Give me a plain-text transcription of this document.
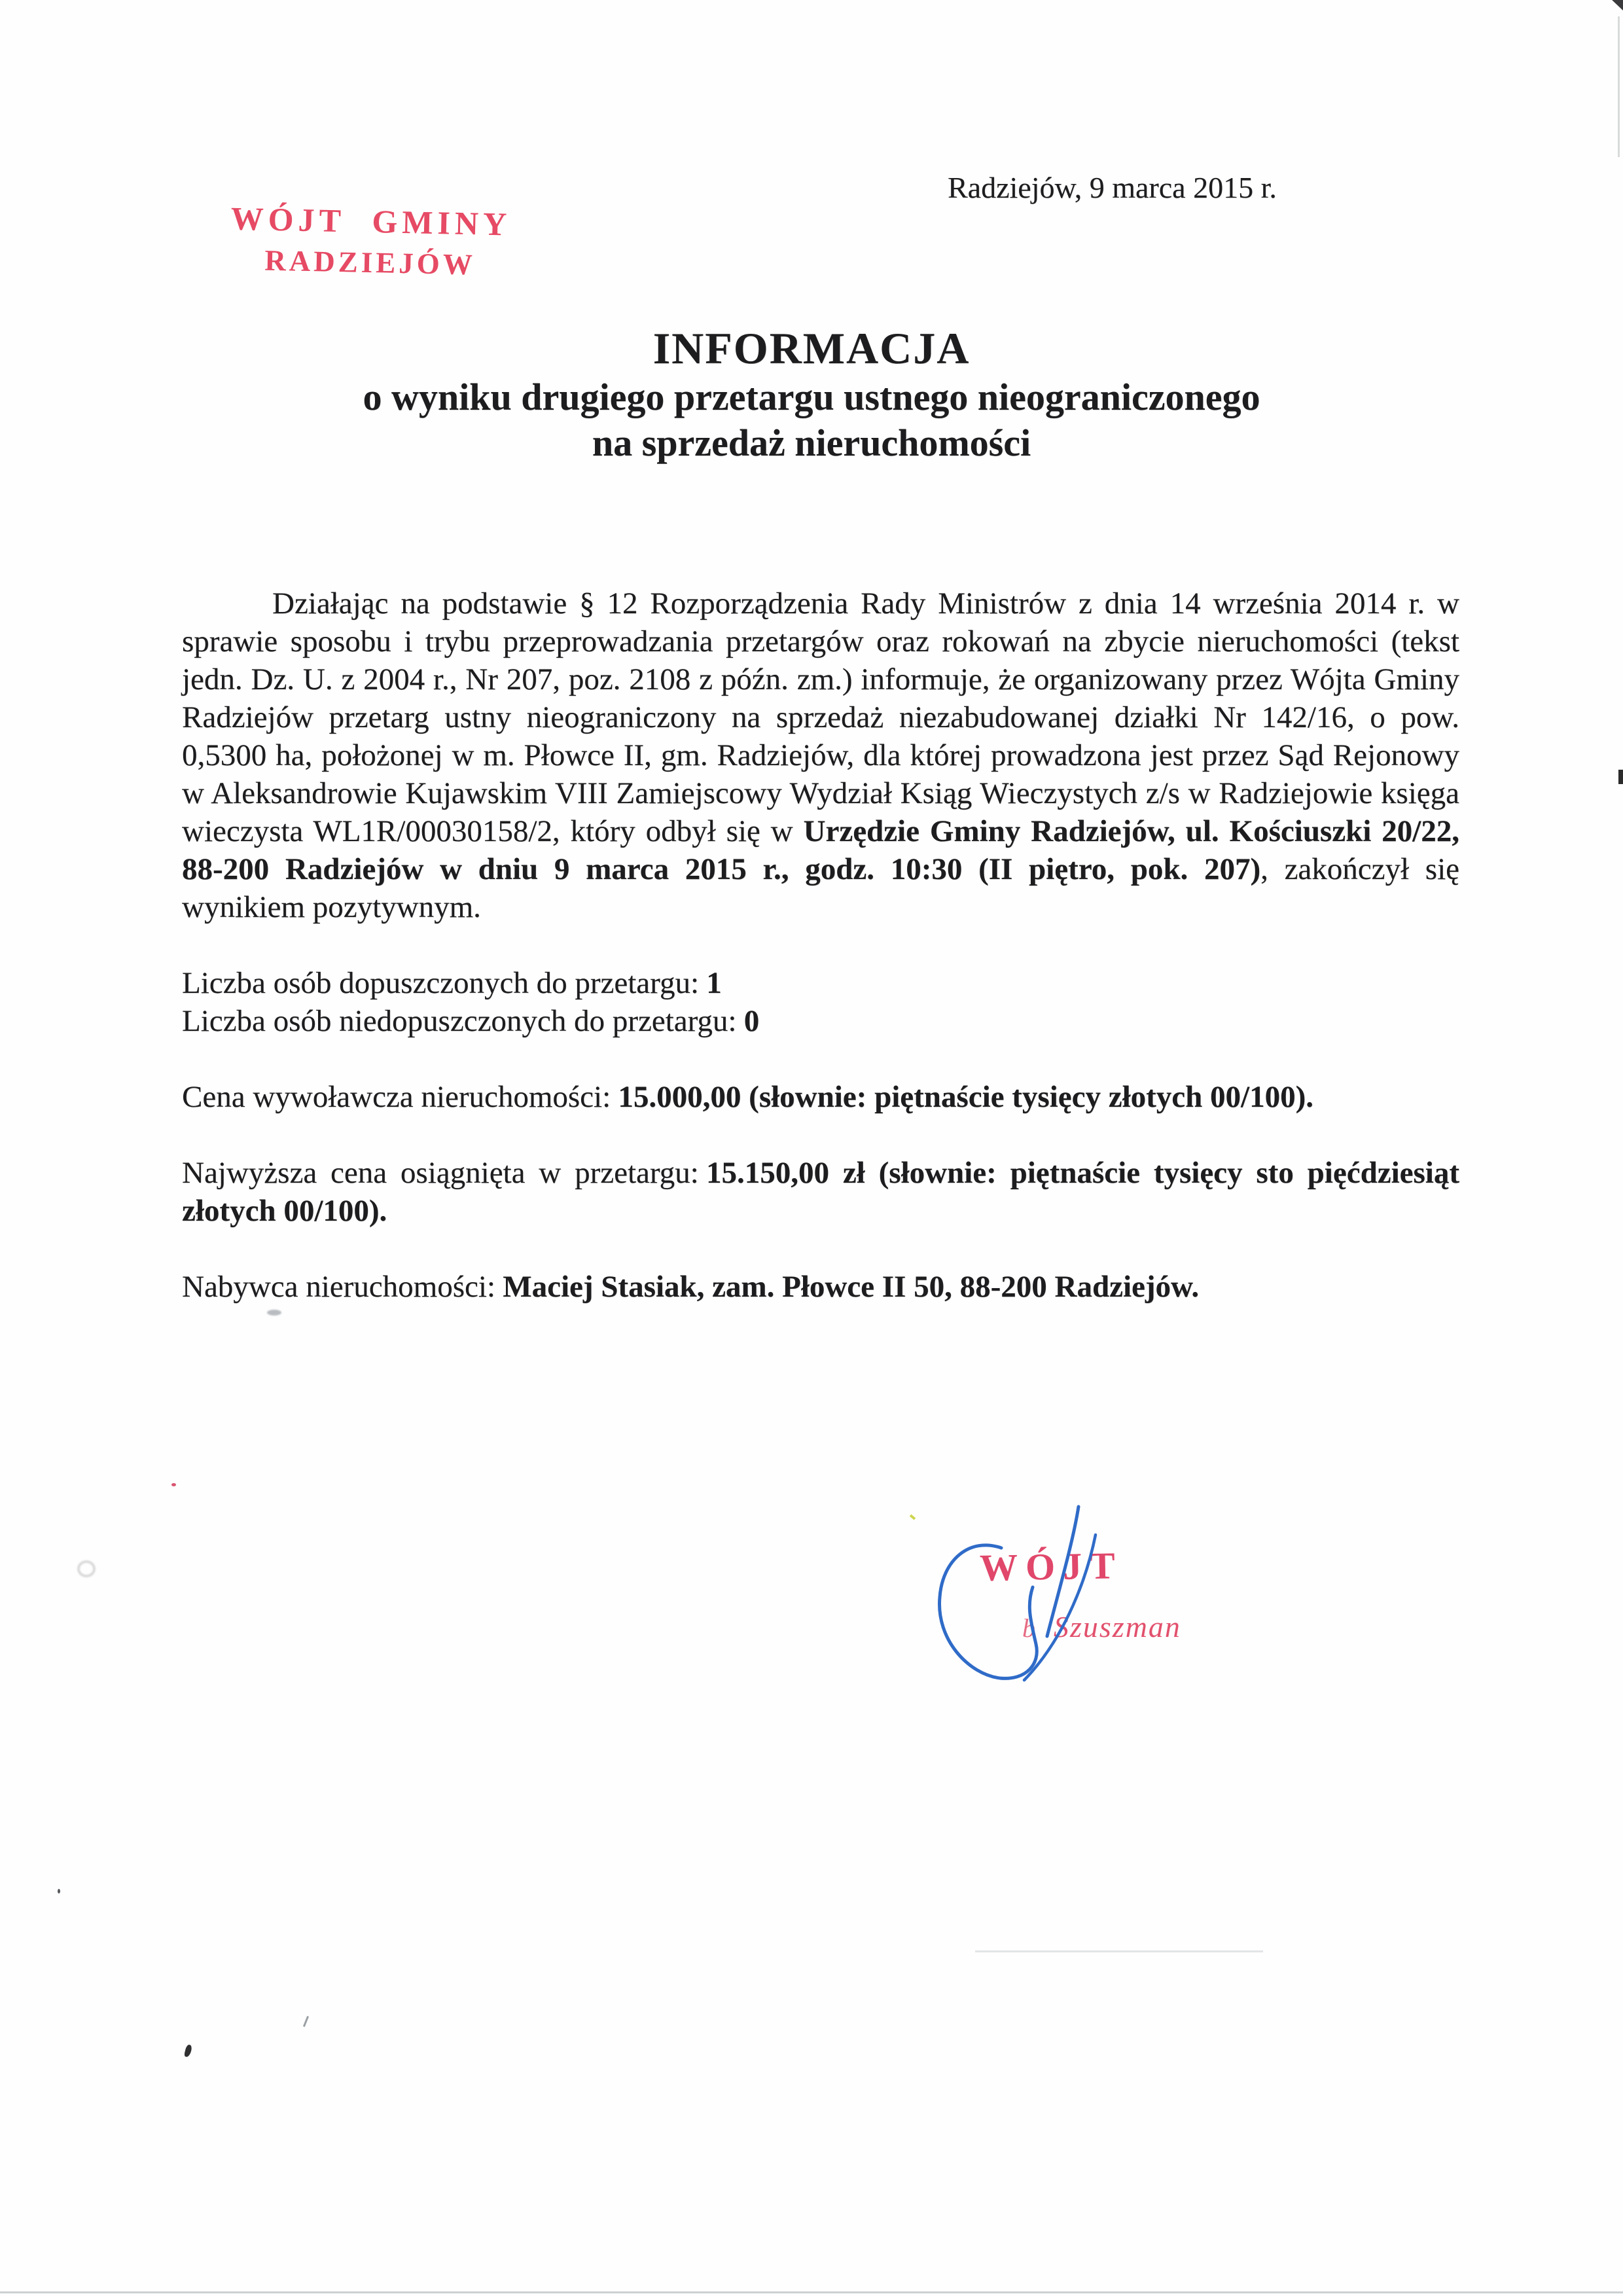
Radziejów, 9 marca 2015 r.
WÓJT GMINY
RADZIEJÓW
INFORMACJA
o wyniku drugiego przetargu ustnego nieograniczonego
na sprzedaż nieruchomości

Działając na podstawie § 12 Rozporządzenia Rady Ministrów z dnia 14 września 2014 r. w sprawie sposobu i trybu przeprowadzania przetargów oraz rokowań na zbycie nieruchomości (tekst jedn. Dz. U. z 2004 r., Nr 207, poz. 2108 z późn. zm.) informuje, że organizowany przez Wójta Gminy Radziejów przetarg ustny nieograniczony na sprzedaż niezabudowanej działki Nr 142/16, o pow. 0,5300 ha, położonej w m. Płowce II, gm. Radziejów, dla której prowadzona jest przez Sąd Rejonowy w Aleksandrowie Kujawskim VIII Zamiejscowy Wydział Ksiąg Wieczystych z/s w Radziejowie księga wieczysta WL1R/00030158/2, który odbył się w Urzędzie Gminy Radziejów, ul. Kościuszki 20/22, 88-200 Radziejów w dniu 9 marca 2015 r., godz. 10:30 (II piętro, pok. 207), zakończył się wynikiem pozytywnym.

Liczba osób dopuszczonych do przetargu: 1
Liczba osób niedopuszczonych do przetargu: 0
Cena wywoławcza nieruchomości: 15.000,00 (słownie: piętnaście tysięcy złotych 00/100).
Najwyższa cena osiągnięta w przetargu: 15.150,00 zł (słownie: piętnaście tysięcy sto pięćdziesiąt złotych 00/100).
Nabywca nieruchomości: Maciej Stasiak, zam. Płowce II 50, 88-200 Radziejów.
WÓJT
b Szuszman
